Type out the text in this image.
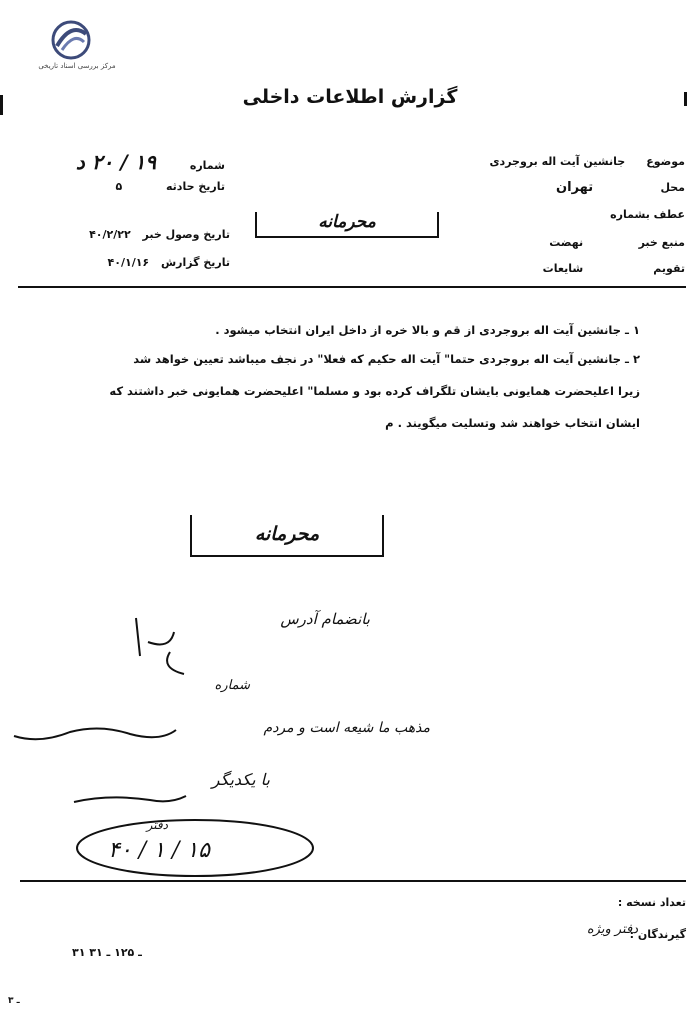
مرکز بررسی اسناد تاریخی
گزارش اطلاعات داخلی
شماره ۱۹ / ۲۰ د
تاریخ حادثه ۵
تاریخ وصول خبر ۴۰/۲/۲۲
تاریخ گزارش ۴۰/۱/۱۶
موضوع جانشین آیت اله بروجردی
محل تهران
عطف بشماره
منبع خبر نهضت
تقویم شایعات
محرمانه
۱ ـ جانشین آیت اله بروجردی از قم و بالا خره از داخل ایران انتخاب میشود .
۲ ـ جانشین آیت اله بروجردی حتما" آیت اله حکیم که فعلا" در نجف میباشد تعیین خواهد شد
زیرا اعلیحضرت همایونی بایشان تلگراف کرده بود و مسلما" اعلیحضرت همایونی خبر داشتند که
ایشان انتخاب خواهند شد وتسلیت میگویند . م
محرمانه
بانضمام آدرس
شماره
مذهب ما شیعه است و مردم
با یکدیگر
دفتر
۱۵ / ۱ / ۴۰
تعداد نسخه :
گیرندگان :
دفتر ویژه
۳۱ ـ ۱۲۵ ـ ۳۱
ـ ۳
